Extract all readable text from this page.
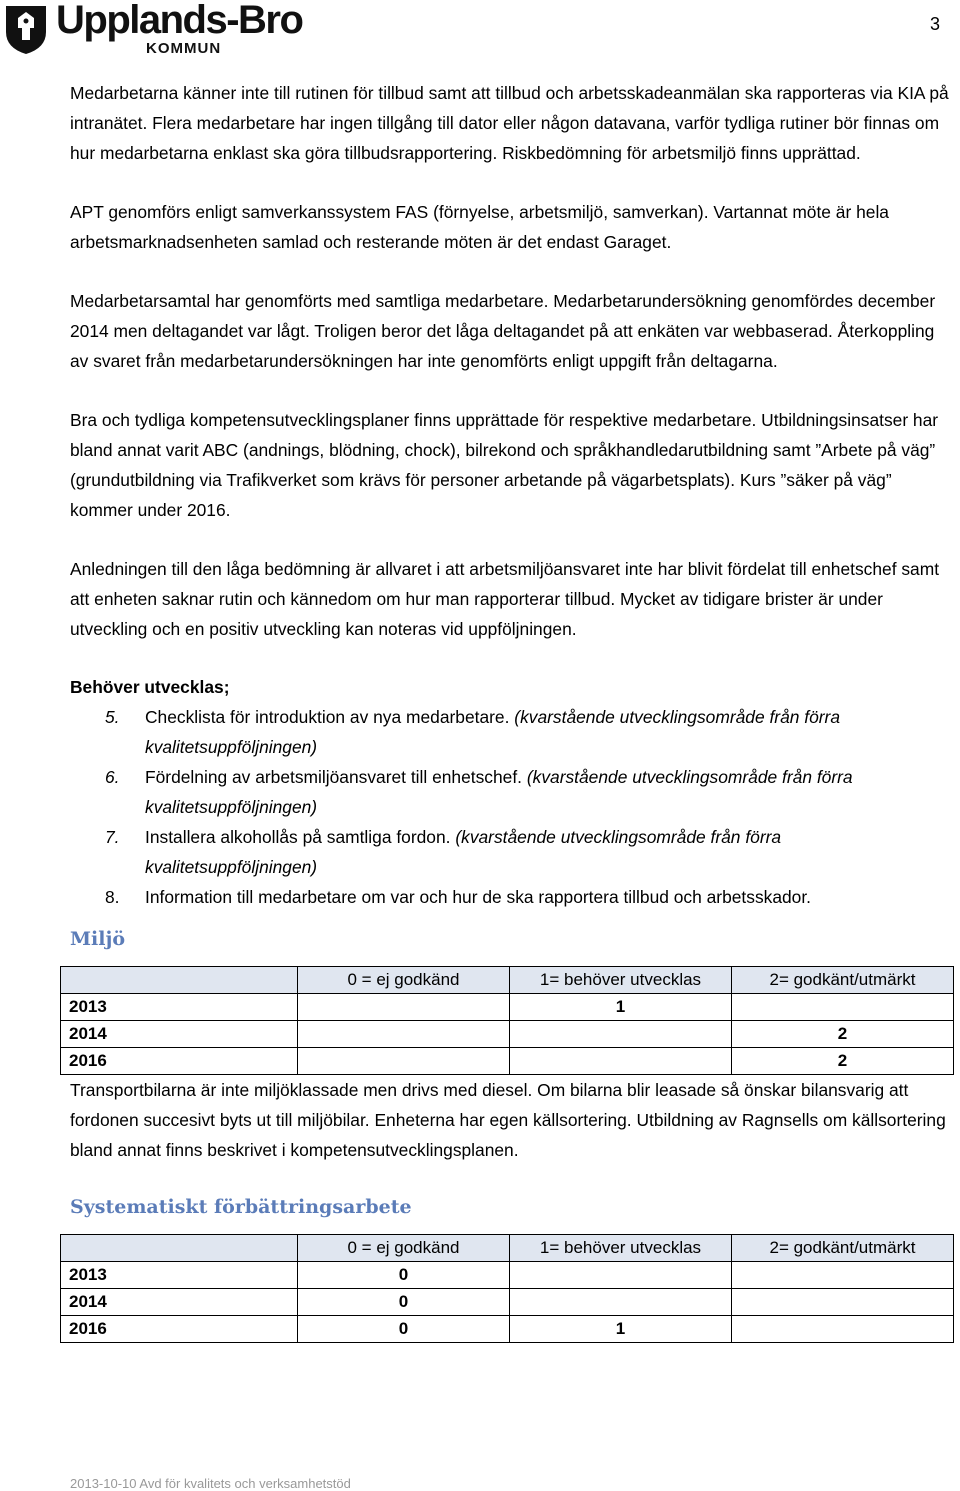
Upplands-Bro
KOMMUN
3

Medarbetarna känner inte till rutinen för tillbud samt att tillbud och arbetsskadeanmälan ska rapporteras via KIA på intranätet. Flera medarbetare har ingen tillgång till dator eller någon datavana, varför tydliga rutiner bör finnas om hur medarbetarna enklast ska göra tillbudsrapportering. Riskbedömning för arbetsmiljö finns upprättad.

APT genomförs enligt samverkanssystem FAS (förnyelse, arbetsmiljö, samverkan). Vartannat möte är hela arbetsmarknadsenheten samlad och resterande möten är det endast Garaget.

Medarbetarsamtal har genomförts med samtliga medarbetare. Medarbetarundersökning genomfördes december 2014 men deltagandet var lågt. Troligen beror det låga deltagandet på att enkäten var webbaserad. Återkoppling av svaret från medarbetarundersökningen har inte genomförts enligt uppgift från deltagarna.

Bra och tydliga kompetensutvecklingsplaner finns upprättade för respektive medarbetare. Utbildningsinsatser har bland annat varit ABC (andnings, blödning, chock), bilrekond och språkhandledarutbildning samt ”Arbete på väg” (grundutbildning via Trafikverket som krävs för personer arbetande på vägarbetsplats). Kurs ”säker på väg” kommer under 2016.

Anledningen till den låga bedömning är allvaret i att arbetsmiljöansvaret inte har blivit fördelat till enhetschef samt att enheten saknar rutin och kännedom om hur man rapporterar tillbud. Mycket av tidigare brister är under utveckling och en positiv utveckling kan noteras vid uppföljningen.

Behöver utvecklas;
5. Checklista för introduktion av nya medarbetare. (kvarstående utvecklingsområde från förra kvalitetsuppföljningen)
6. Fördelning av arbetsmiljöansvaret till enhetschef. (kvarstående utvecklingsområde från förra kvalitetsuppföljningen)
7. Installera alkohollås på samtliga fordon. (kvarstående utvecklingsområde från förra kvalitetsuppföljningen)
8. Information till medarbetare om var och hur de ska rapportera tillbud och arbetsskador.
Miljö
	0 = ej godkänd	1= behöver utvecklas	2= godkänt/utmärkt
2013		1	
2014			2
2016			2

Transportbilarna är inte miljöklassade men drivs med diesel. Om bilarna blir leasade så önskar bilansvarig att fordonen succesivt byts ut till miljöbilar. Enheterna har egen källsortering. Utbildning av Ragnsells om källsortering bland annat finns beskrivet i kompetensutvecklingsplanen.

Systematiskt förbättringsarbete
	0 = ej godkänd	1= behöver utvecklas	2= godkänt/utmärkt
2013	0		
2014	0		
2016	0	1	
2013-10-10 Avd för kvalitets och verksamhetstöd
